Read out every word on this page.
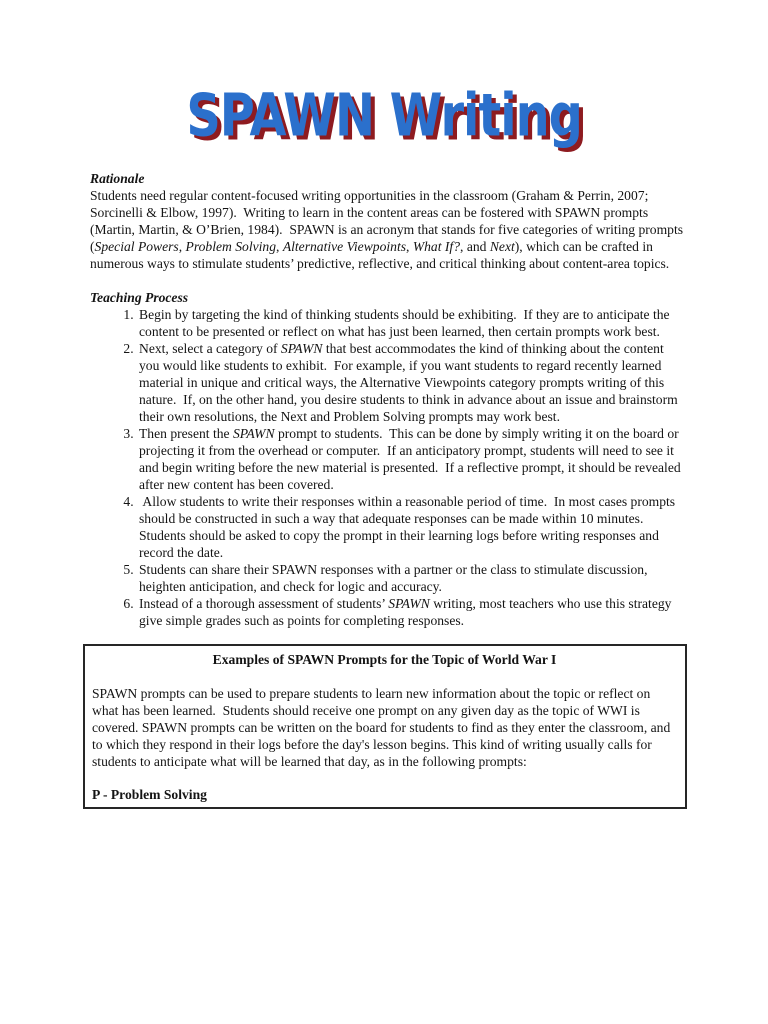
SPAWN Writing

Rationale

Students need regular content-focused writing opportunities in the classroom (Graham & Perrin, 2007; Sorcinelli & Elbow, 1997).  Writing to learn in the content areas can be fostered with SPAWN prompts (Martin, Martin, & O’Brien, 1984).  SPAWN is an acronym that stands for five categories of writing prompts (Special Powers, Problem Solving, Alternative Viewpoints, What If?, and Next), which can be crafted in numerous ways to stimulate students’ predictive, reflective, and critical thinking about content-area topics.

Teaching Process

1. Begin by targeting the kind of thinking students should be exhibiting.  If they are to anticipate the content to be presented or reflect on what has just been learned, then certain prompts work best.
2. Next, select a category of SPAWN that best accommodates the kind of thinking about the content you would like students to exhibit.  For example, if you want students to regard recently learned material in unique and critical ways, the Alternative Viewpoints category prompts writing of this nature.  If, on the other hand, you desire students to think in advance about an issue and brainstorm their own resolutions, the Next and Problem Solving prompts may work best.
3. Then present the SPAWN prompt to students.  This can be done by simply writing it on the board or projecting it from the overhead or computer.  If an anticipatory prompt, students will need to see it and begin writing before the new material is presented.  If a reflective prompt, it should be revealed after new content has been covered.
4.  Allow students to write their responses within a reasonable period of time.  In most cases prompts should be constructed in such a way that adequate responses can be made within 10 minutes.  Students should be asked to copy the prompt in their learning logs before writing responses and record the date.
5. Students can share their SPAWN responses with a partner or the class to stimulate discussion, heighten anticipation, and check for logic and accuracy.
6. Instead of a thorough assessment of students’ SPAWN writing, most teachers who use this strategy give simple grades such as points for completing responses.

Examples of SPAWN Prompts for the Topic of World War I

SPAWN prompts can be used to prepare students to learn new information about the topic or reflect on what has been learned.  Students should receive one prompt on any given day as the topic of WWI is covered. SPAWN prompts can be written on the board for students to find as they enter the classroom, and to which they respond in their logs before the day's lesson begins. This kind of writing usually calls for students to anticipate what will be learned that day, as in the following prompts:

P - Problem Solving
